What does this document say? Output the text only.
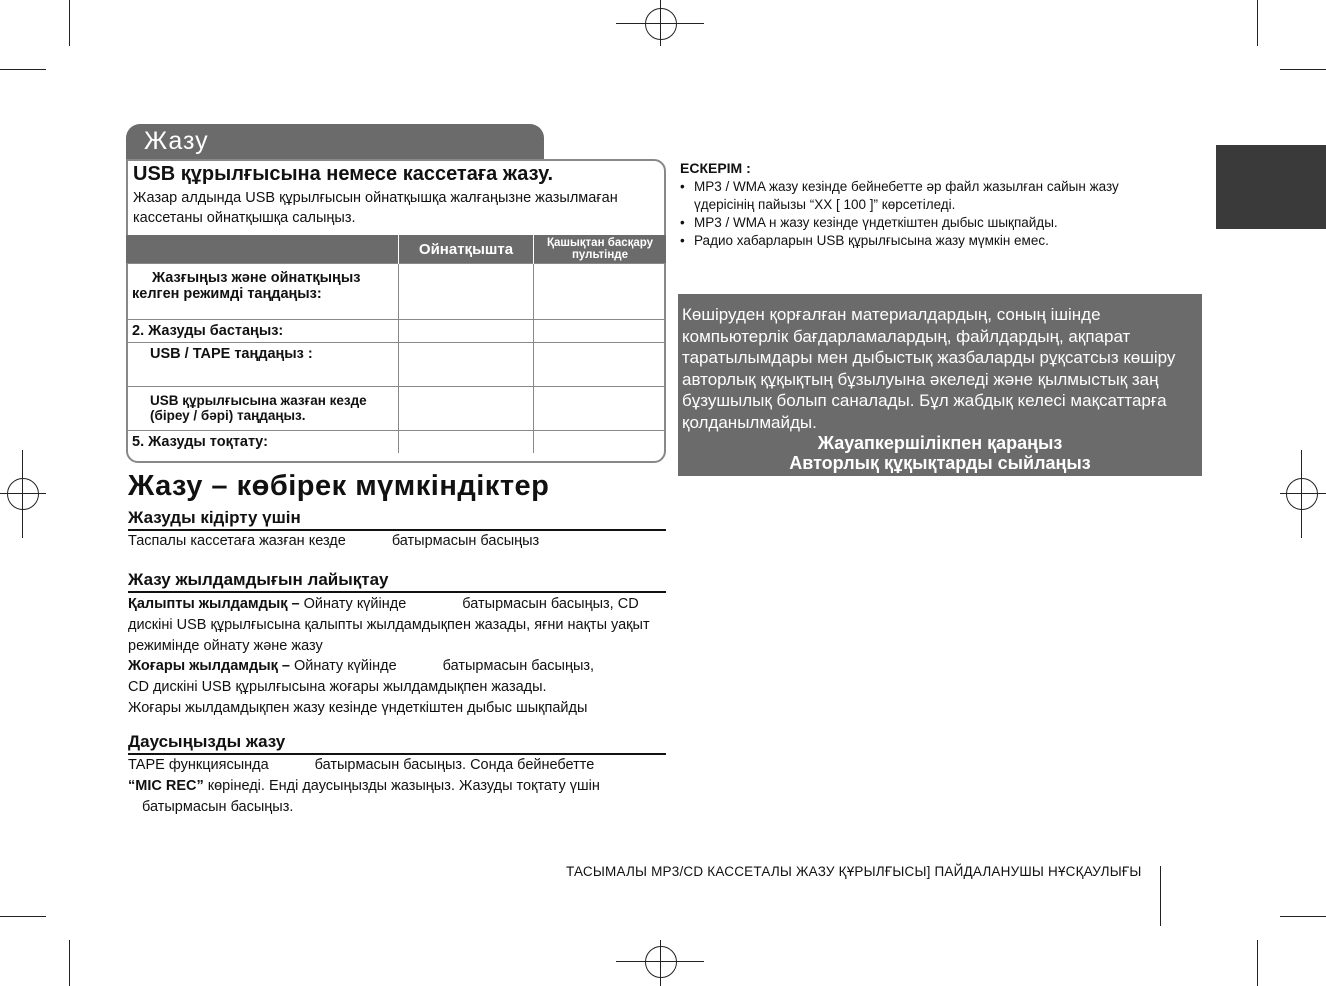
Жазу
USB құрылғысына немесе кассетаға жазу.
Жазар алдында USB құрылғысын ойнатқышқа жалғаңызне жазылмаған кассетаны ойнатқышқа салыңыз.
	Ойнатқышта	Қашықтан басқару пультінде
Жазғыңыз және ойнатқыңыз келген режимді таңдаңыз:		
2. Жазуды бастаңыз:		
USB / TAPE таңдаңыз :		
USB құрылғысына жазған кезде (біреу / бәрі) таңдаңыз.		
5. Жазуды тоқтатy:		
Жазу – көбірек мүмкіндіктер
Жазуды кідірту үшін
Таспалы кассетаға жазған кезде	батырмасын басыңыз
Жазу жылдамдығын лайықтау
Қалыпты жылдамдық – Ойнату күйінде	батырмасын басыңыз, CD дискіні USB құрылғысына қалыпты жылдамдықпен жазады, яғни нақты уақыт режимінде ойнату және жазу
Жоғары жылдамдық – Ойнату күйінде	батырмасын басыңыз,
CD дискіні USB құрылғысына жоғары жылдамдықпен жазады.
Жоғары жылдамдықпен жазу кезінде үндеткіштен дыбыс шықпайды
Даусыңызды жазу
TAPE функциясында	батырмасын басыңыз. Сонда бейнебетте
“MIC REC” көрінеді. Енді даусыңызды жазыңыз. Жазуды тоқтату үшін
батырмасын басыңыз.
ЕСКЕРІМ :
• MP3 / WMA жазу кезінде бейнебетте әр файл жазылған сайын жазу үдерісінің пайызы “XX [ 100 ]” көрсетіледі.
• MP3 / WMA н жазу кезінде үндеткіштен дыбыс шықпайды.
• Радио хабарларын USB құрылғысына жазу мүмкін емес.
Көшіруден қорғалған материалдардың, соның ішінде компьютерлік бағдарламалардың, файлдардың, ақпарат таратылымдары мен дыбыстық жазбаларды рұқсатсыз көшіру авторлық құқықтың бұзылуына әкеледі және қылмыстық заң бұзушылық болып саналады. Бұл жабдық келесі мақсаттарға қолданылмайды.
Жауапкершілікпен қараңыз
Авторлық құқықтарды сыйлаңыз
ТАСЫМАЛЫ MP3/CD КАССЕТАЛЫ ЖАЗУ ҚҰРЫЛҒЫСЫ] ПАЙДАЛАНУШЫ НҰСҚАУЛЫҒЫ
